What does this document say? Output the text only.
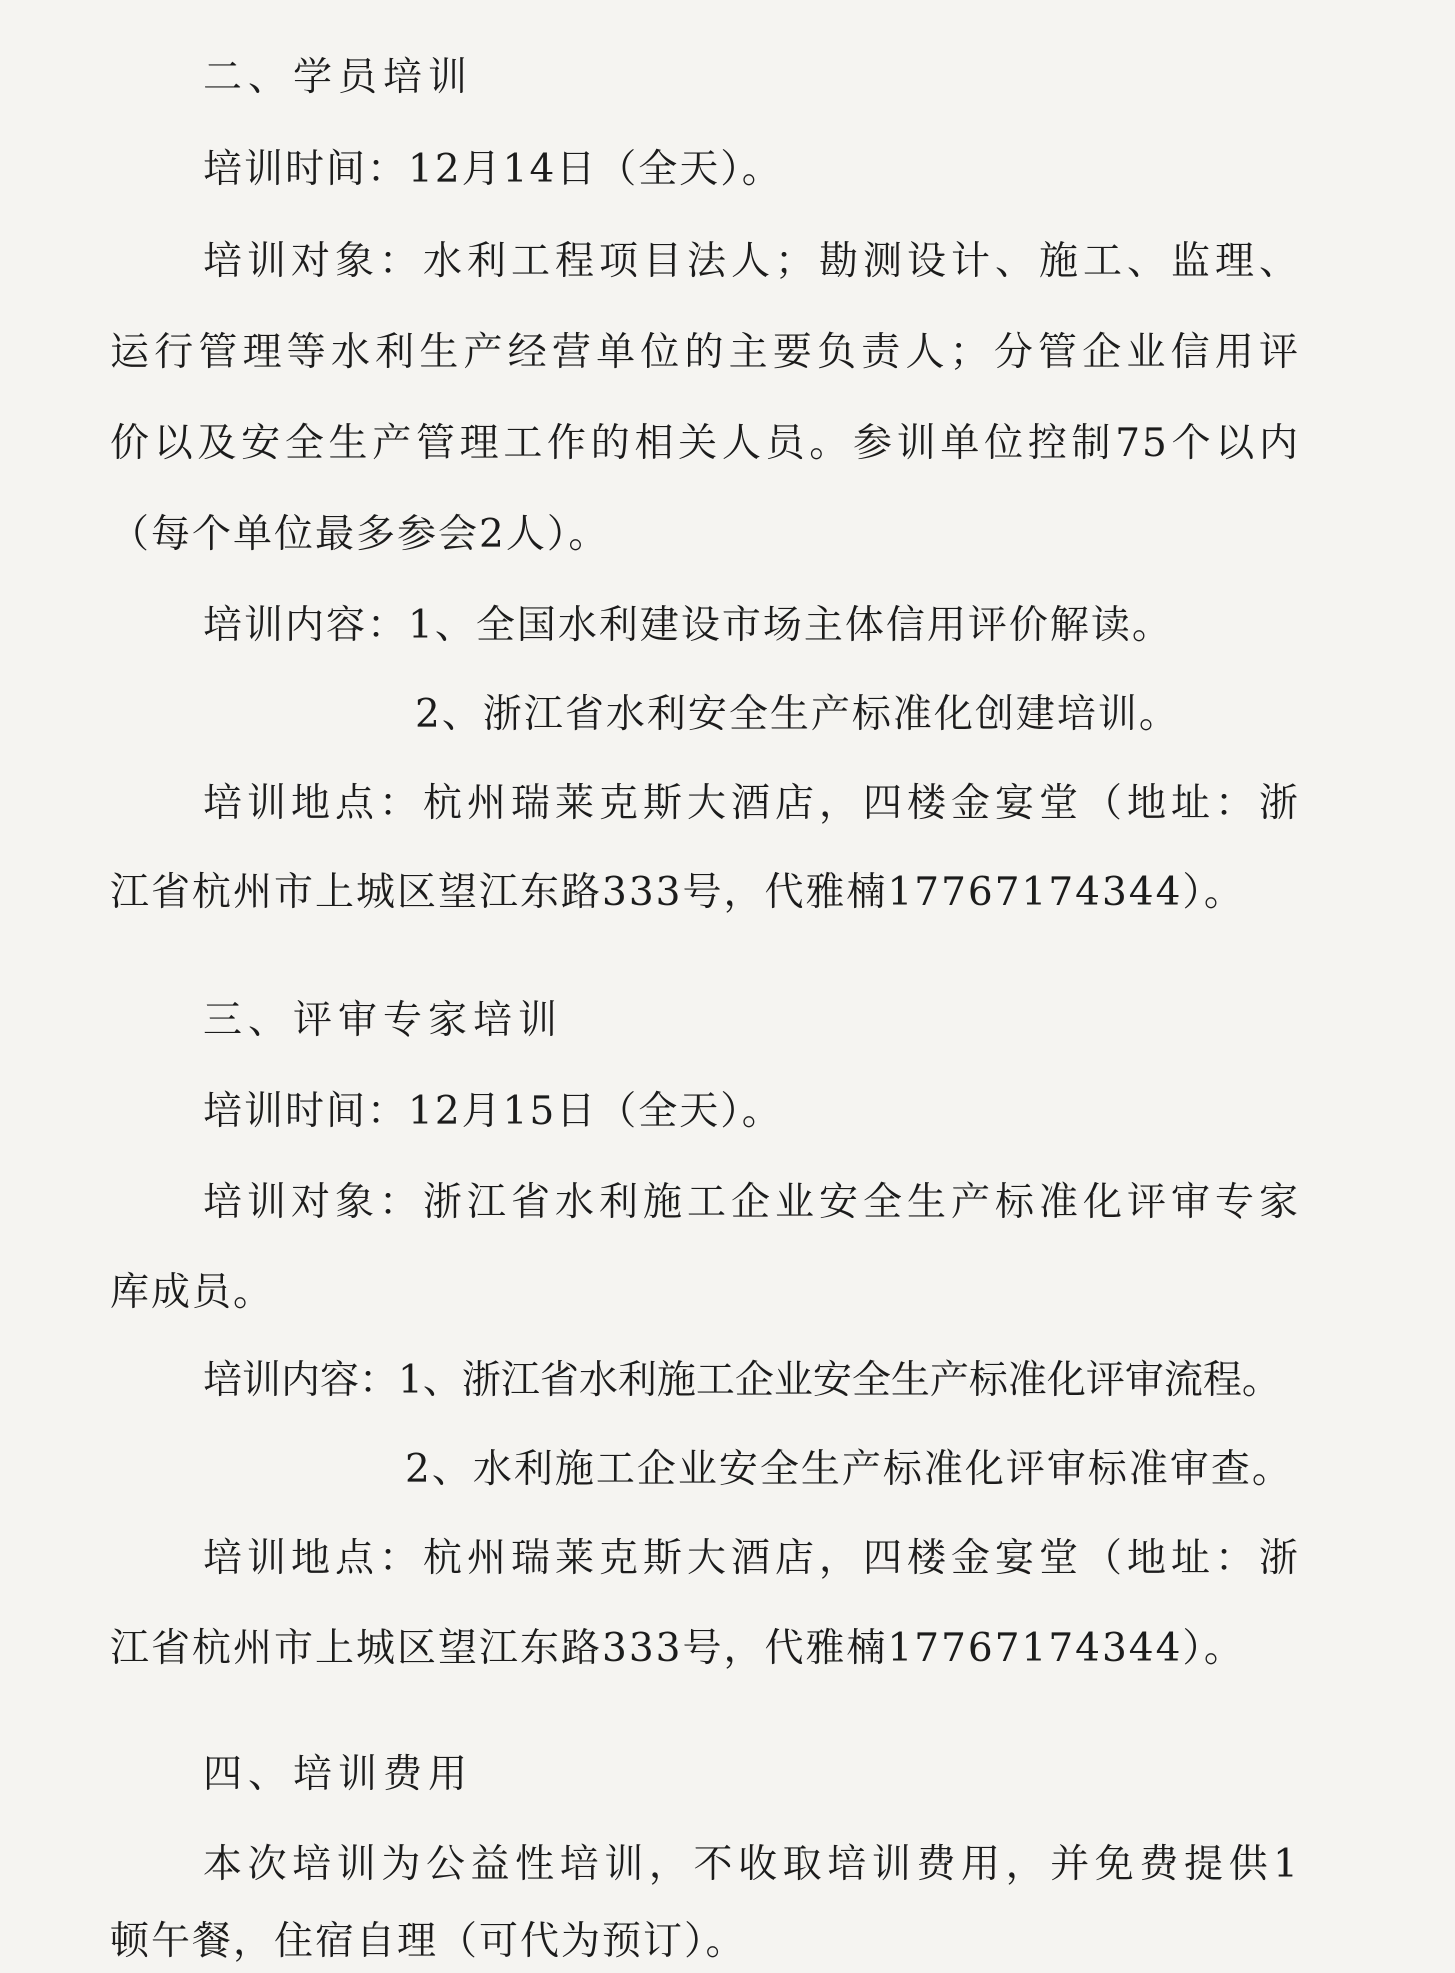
二、学员培训
培训时间：12月14日（全天）。
培训对象：水利工程项目法人；勘测设计、施工、监理、
运行管理等水利生产经营单位的主要负责人；分管企业信用评
价以及安全生产管理工作的相关人员。参训单位控制75个以内
（每个单位最多参会2人）。
培训内容：1、全国水利建设市场主体信用评价解读。
2、浙江省水利安全生产标准化创建培训。
培训地点：杭州瑞莱克斯大酒店，四楼金宴堂（地址：浙
江省杭州市上城区望江东路333号，代雅楠17767174344）。
三、评审专家培训
培训时间：12月15日（全天）。
培训对象：浙江省水利施工企业安全生产标准化评审专家
库成员。
培训内容：1、浙江省水利施工企业安全生产标准化评审流程。
2、水利施工企业安全生产标准化评审标准审查。
培训地点：杭州瑞莱克斯大酒店，四楼金宴堂（地址：浙
江省杭州市上城区望江东路333号，代雅楠17767174344）。
四、培训费用
本次培训为公益性培训，不收取培训费用，并免费提供1
顿午餐，住宿自理（可代为预订）。
